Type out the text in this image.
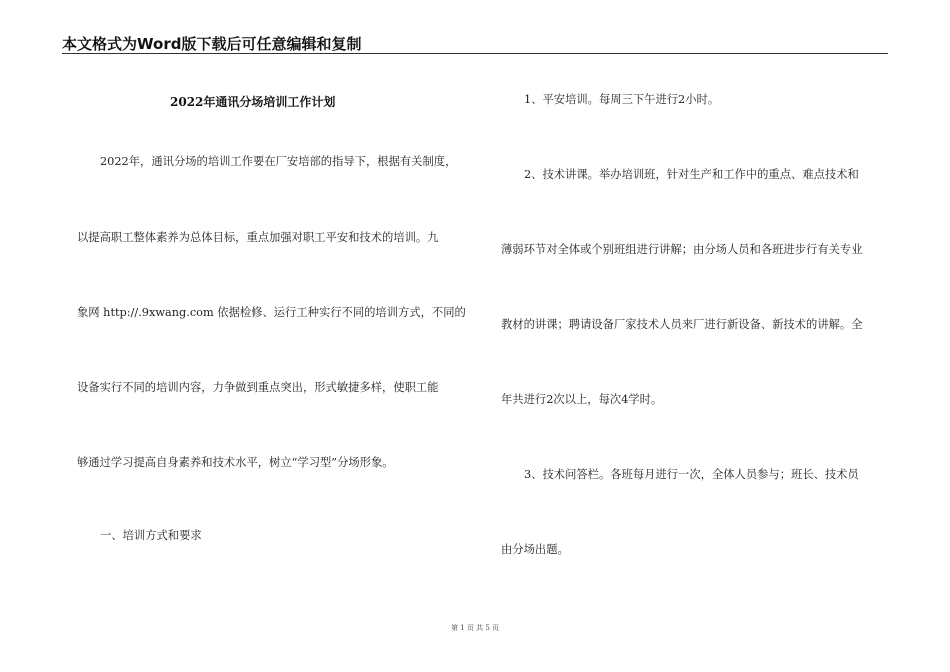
本文格式为Word版下载后可任意编辑和复制
2022年通讯分场培训工作计划
2022年，通讯分场的培训工作要在厂安培部的指导下，根据有关制度，
以提高职工整体素养为总体目标，重点加强对职工平安和技术的培训。九
象网 http://.9xwang.com 依据检修、运行工种实行不同的培训方式，不同的
设备实行不同的培训内容，力争做到重点突出，形式敏捷多样，使职工能
够通过学习提高自身素养和技术水平，树立“学习型”分场形象。
一、培训方式和要求
1、平安培训。每周三下午进行2小时。
2、技术讲课。举办培训班，针对生产和工作中的重点、难点技术和
薄弱环节对全体或个别班组进行讲解；由分场人员和各班进步行有关专业
教材的讲课；聘请设备厂家技术人员来厂进行新设备、新技术的讲解。全
年共进行2次以上，每次4学时。
3、技术问答栏。各班每月进行一次，全体人员参与；班长、技术员
由分场出题。
第 1 页 共 5 页
